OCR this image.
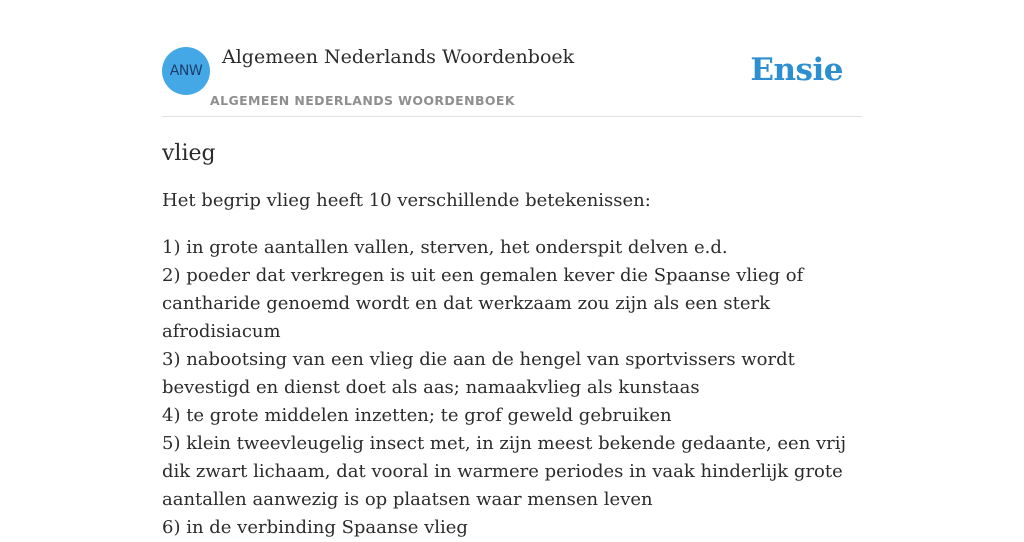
ANW
Algemeen Nederlands Woordenboek
ALGEMEEN NEDERLANDS WOORDENBOEK
Ensie
vlieg

Het begrip vlieg heeft 10 verschillende betekenissen:

1) in grote aantallen vallen, sterven, het onderspit delven e.d.
2) poeder dat verkregen is uit een gemalen kever die Spaanse vlieg of cantharide genoemd wordt en dat werkzaam zou zijn als een sterk afrodisiacum
3) nabootsing van een vlieg die aan de hengel van sportvissers wordt bevestigd en dienst doet als aas; namaakvlieg als kunstaas
4) te grote middelen inzetten; te grof geweld gebruiken
5) klein tweevleugelig insect met, in zijn meest bekende gedaante, een vrij dik zwart lichaam, dat vooral in warmere periodes in vaak hinderlijk grote aantallen aanwezig is op plaatsen waar mensen leven
6) in de verbinding Spaanse vlieg
